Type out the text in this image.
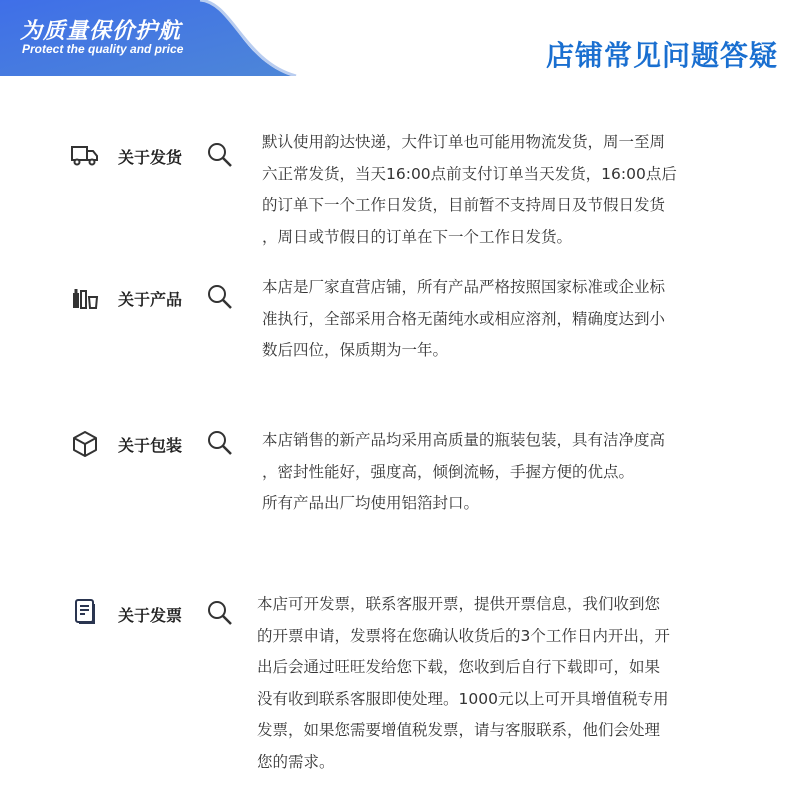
为质量保价护航
Protect the quality and price	店铺常见问题答疑
关于发货
默认使用韵达快递，大件订单也可能用物流发货，周一至周
六正常发货，当天16:00点前支付订单当天发货，16:00点后
的订单下一个工作日发货，目前暂不支持周日及节假日发货
，周日或节假日的订单在下一个工作日发货。
关于产品
本店是厂家直营店铺，所有产品严格按照国家标准或企业标
准执行，全部采用合格无菌纯水或相应溶剂，精确度达到小
数后四位，保质期为一年。
关于包装	本店销售的新产品均采用高质量的瓶装包装，具有洁净度高
，密封性能好，强度高，倾倒流畅，手握方便的优点。
所有产品出厂均使用铝箔封口。
关于发票
本店可开发票，联系客服开票，提供开票信息，我们收到您
的开票申请，发票将在您确认收货后的3个工作日内开出，开
出后会通过旺旺发给您下载，您收到后自行下载即可，如果
没有收到联系客服即使处理。1000元以上可开具增值税专用
发票，如果您需要增值税发票，请与客服联系，他们会处理
您的需求。
